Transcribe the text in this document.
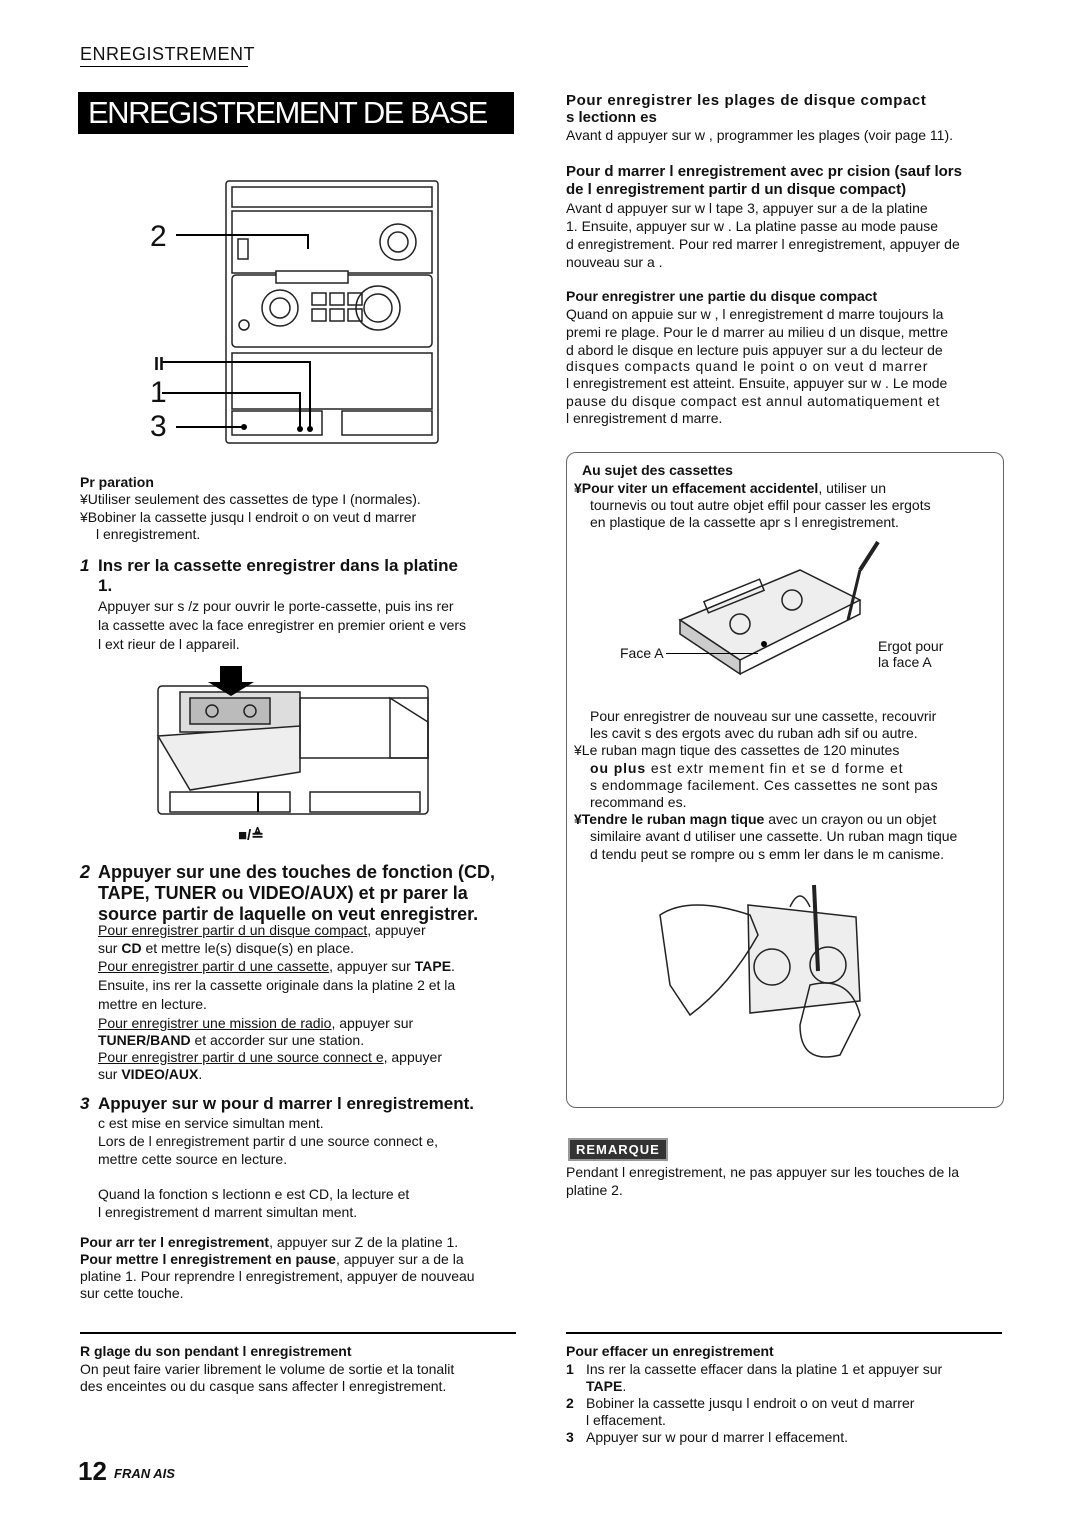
ENREGISTREMENT
ENREGISTREMENT DE BASE
2
II
1
3
Pr paration
¥Utiliser seulement des cassettes de type I (normales).
¥Bobiner la cassette jusqu l endroit o on veut d marrer
l enregistrement.
1 Ins rer la cassette enregistrer dans la platine
1.
Appuyer sur s /z pour ouvrir le porte-cassette, puis ins rer
la cassette avec la face enregistrer en premier orient e vers
l ext rieur de l appareil.
■/≜
2 Appuyer sur une des touches de fonction (CD,
TAPE, TUNER ou VIDEO/AUX) et pr parer la
source partir de laquelle on veut enregistrer.
Pour enregistrer partir d un disque compact, appuyer
sur CD et mettre le(s) disque(s) en place.
Pour enregistrer partir d une cassette, appuyer sur TAPE.
Ensuite, ins rer la cassette originale dans la platine 2 et la
mettre en lecture.
Pour enregistrer une mission de radio, appuyer sur
TUNER/BAND et accorder sur une station.
Pour enregistrer partir d une source connect e, appuyer
sur VIDEO/AUX.
3 Appuyer sur w pour d marrer l enregistrement.
c est mise en service simultan ment.
Lors de l enregistrement partir d une source connect e,
mettre cette source en lecture.
Quand la fonction s lectionn e est CD, la lecture et
l enregistrement d marrent simultan ment.
Pour arr ter l enregistrement, appuyer sur Z de la platine 1.
Pour mettre l enregistrement en pause, appuyer sur a de la
platine 1. Pour reprendre l enregistrement, appuyer de nouveau
sur cette touche.
Pour enregistrer les plages de disque compact
s lectionn es
Avant d appuyer sur w , programmer les plages (voir page 11).
Pour d marrer l enregistrement avec pr cision (sauf lors
de l enregistrement partir d un disque compact)
Avant d appuyer sur w l tape 3, appuyer sur a de la platine
1. Ensuite, appuyer sur w . La platine passe au mode pause
d enregistrement. Pour red marrer l enregistrement, appuyer de
nouveau sur a .
Pour enregistrer une partie du disque compact
Quand on appuie sur w , l enregistrement d marre toujours la
premi re plage. Pour le d marrer au milieu d un disque, mettre
d abord le disque en lecture puis appuyer sur a du lecteur de
disques compacts quand le point o on veut d marrer
l enregistrement est atteint. Ensuite, appuyer sur w . Le mode
pause du disque compact est annul automatiquement et
l enregistrement d marre.
Au sujet des cassettes
¥Pour viter un effacement accidentel, utiliser un
tournevis ou tout autre objet effil pour casser les ergots
en plastique de la cassette apr s l enregistrement.
Face A	Ergot pour
la face A
Pour enregistrer de nouveau sur une cassette, recouvrir
les cavit s des ergots avec du ruban adh sif ou autre.
¥Le ruban magn tique des cassettes de 120 minutes
ou plus est extr mement fin et se d forme et
s endommage facilement. Ces cassettes ne sont pas
recommand es.
¥Tendre le ruban magn tique avec un crayon ou un objet
similaire avant d utiliser une cassette. Un ruban magn tique
d tendu peut se rompre ou s emm ler dans le m canisme.
REMARQUE
Pendant l enregistrement, ne pas appuyer sur les touches de la
platine 2.
R glage du son pendant l enregistrement
On peut faire varier librement le volume de sortie et la tonalit
des enceintes ou du casque sans affecter l enregistrement.
Pour effacer un enregistrement
1 Ins rer la cassette effacer dans la platine 1 et appuyer sur
TAPE.
2 Bobiner la cassette jusqu l endroit o on veut d marrer
l effacement.
3 Appuyer sur w pour d marrer l effacement.
12 FRAN AIS
